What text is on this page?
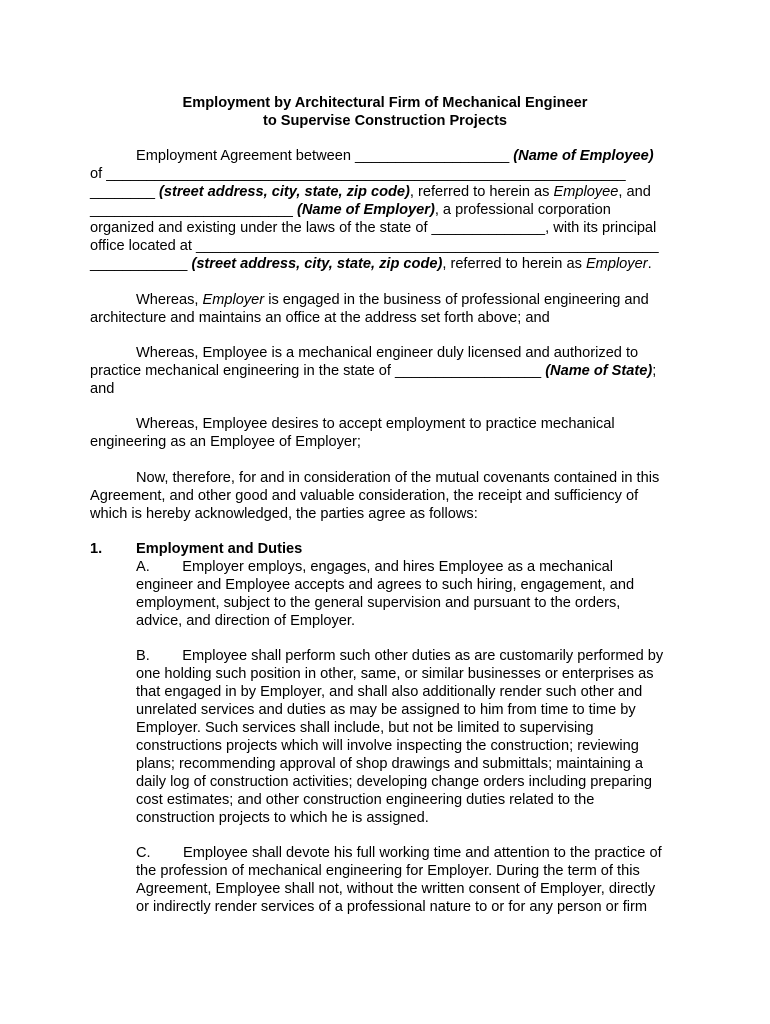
Employment by Architectural Firm of Mechanical Engineer
to Supervise Construction Projects
Employment Agreement between ___________________ (Name of Employee)
of ________________________________________________________________
________ (street address, city, state, zip code), referred to herein as Employee, and
_________________________ (Name of Employer), a professional corporation
organized and existing under the laws of the state of ______________, with its principal
office located at _________________________________________________________
____________ (street address, city, state, zip code), referred to herein as Employer.
Whereas, Employer is engaged in the business of professional engineering and
architecture and maintains an office at the address set forth above; and
Whereas, Employee is a mechanical engineer duly licensed and authorized to
practice mechanical engineering in the state of __________________ (Name of State);
and
Whereas, Employee desires to accept employment to practice mechanical
engineering as an Employee of Employer;
Now, therefore, for and in consideration of the mutual covenants contained in this
Agreement, and other good and valuable consideration, the receipt and sufficiency of
which is hereby acknowledged, the parties agree as follows:
1. Employment and Duties
A.        Employer employs, engages, and hires Employee as a mechanical
engineer and Employee accepts and agrees to such hiring, engagement, and
employment, subject to the general supervision and pursuant to the orders,
advice, and direction of Employer.
B.        Employee shall perform such other duties as are customarily performed by
one holding such position in other, same, or similar businesses or enterprises as
that engaged in by Employer, and shall also additionally render such other and
unrelated services and duties as may be assigned to him from time to time by
Employer. Such services shall include, but not be limited to supervising
constructions projects which will involve inspecting the construction; reviewing
plans; recommending approval of shop drawings and submittals; maintaining a
daily log of construction activities; developing change orders including preparing
cost estimates; and other construction engineering duties related to the
construction projects to which he is assigned.
C.        Employee shall devote his full working time and attention to the practice of
the profession of mechanical engineering for Employer. During the term of this
Agreement, Employee shall not, without the written consent of Employer, directly
or indirectly render services of a professional nature to or for any person or firm
